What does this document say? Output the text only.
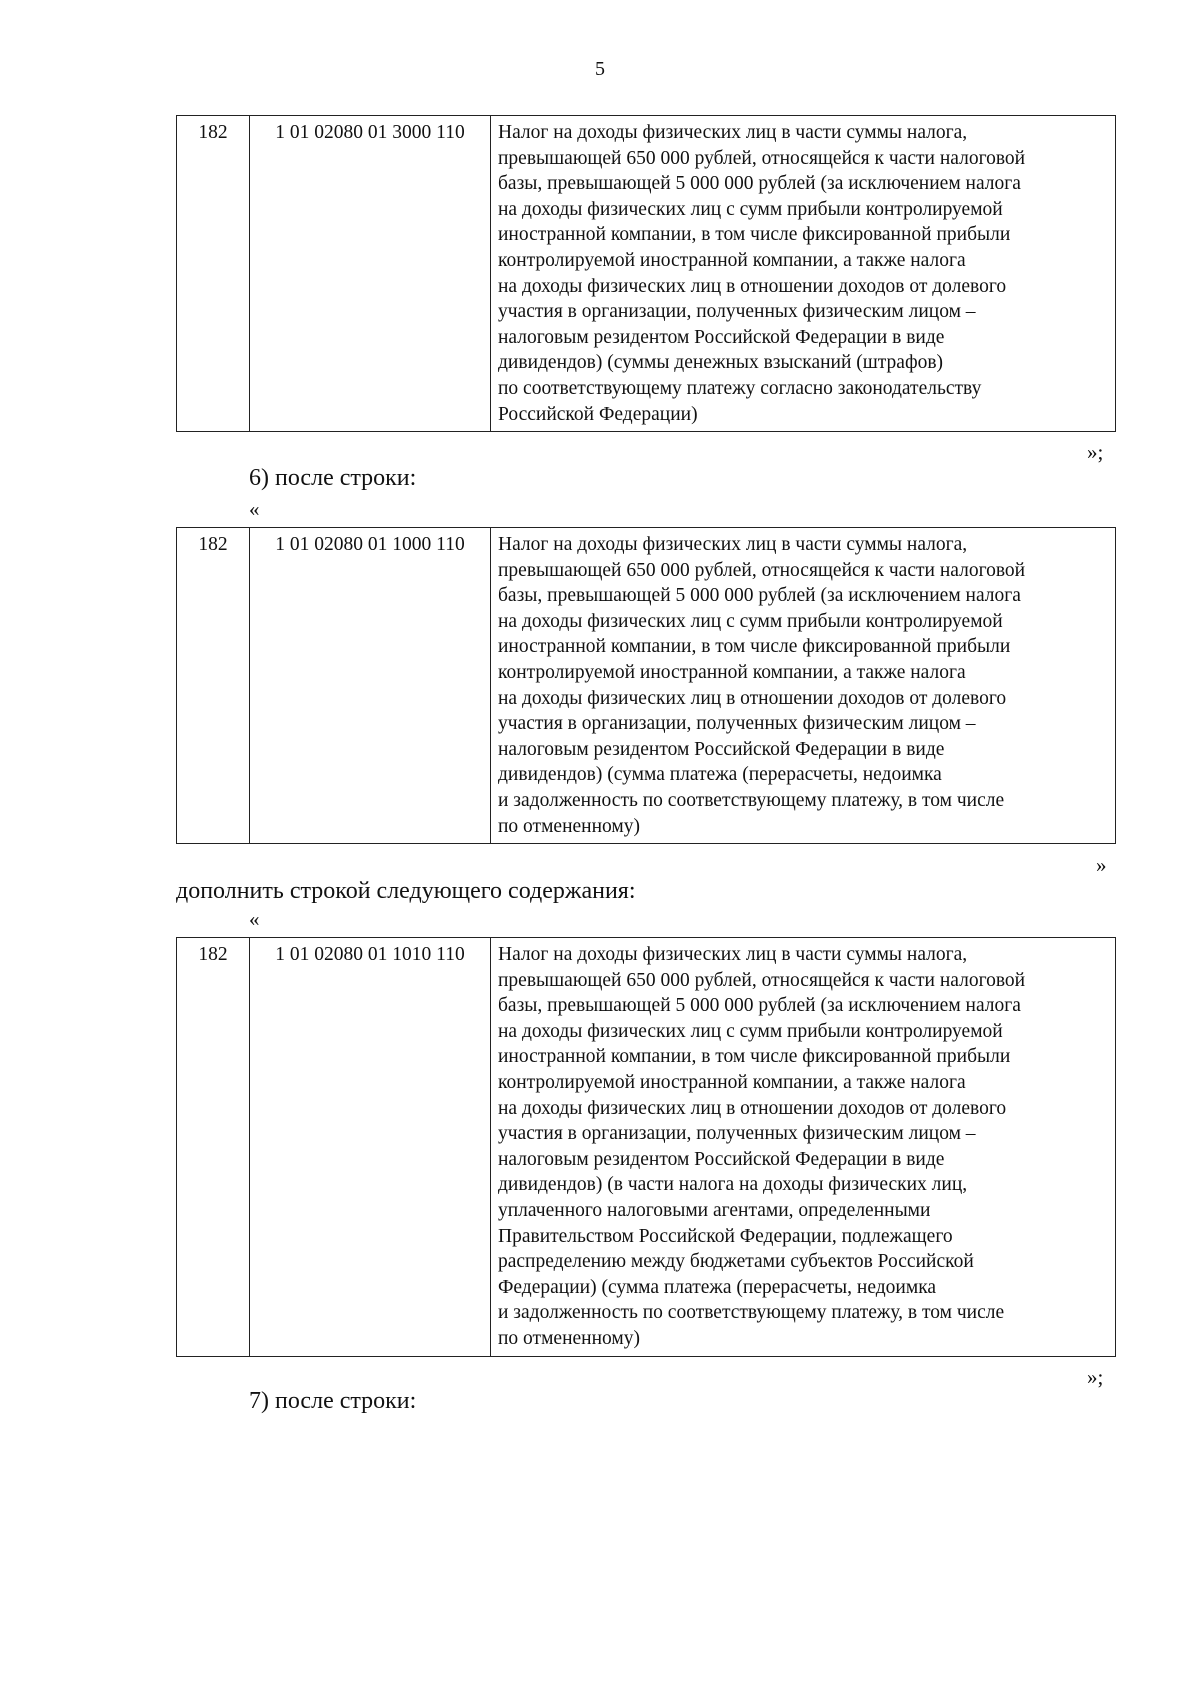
5
182	1 01 02080 01 3000 110	Налог на доходы физических лиц в части суммы налога,
превышающей 650 000 рублей, относящейся к части налоговой
базы, превышающей 5 000 000 рублей (за исключением налога
на доходы физических лиц с сумм прибыли контролируемой
иностранной компании, в том числе фиксированной прибыли
контролируемой иностранной компании, а также налога
на доходы физических лиц в отношении доходов от долевого
участия в организации, полученных физическим лицом –
налоговым резидентом Российской Федерации в виде
дивидендов) (суммы денежных взысканий (штрафов)
по соответствующему платежу согласно законодательству
Российской Федерации)
»;
6) после строки:
«
182	1 01 02080 01 1000 110	Налог на доходы физических лиц в части суммы налога,
превышающей 650 000 рублей, относящейся к части налоговой
базы, превышающей 5 000 000 рублей (за исключением налога
на доходы физических лиц с сумм прибыли контролируемой
иностранной компании, в том числе фиксированной прибыли
контролируемой иностранной компании, а также налога
на доходы физических лиц в отношении доходов от долевого
участия в организации, полученных физическим лицом –
налоговым резидентом Российской Федерации в виде
дивидендов) (сумма платежа (перерасчеты, недоимка
и задолженность по соответствующему платежу, в том числе
по отмененному)
»
дополнить строкой следующего содержания:
«
182	1 01 02080 01 1010 110	Налог на доходы физических лиц в части суммы налога,
превышающей 650 000 рублей, относящейся к части налоговой
базы, превышающей 5 000 000 рублей (за исключением налога
на доходы физических лиц с сумм прибыли контролируемой
иностранной компании, в том числе фиксированной прибыли
контролируемой иностранной компании, а также налога
на доходы физических лиц в отношении доходов от долевого
участия в организации, полученных физическим лицом –
налоговым резидентом Российской Федерации в виде
дивидендов) (в части налога на доходы физических лиц,
уплаченного налоговыми агентами, определенными
Правительством Российской Федерации, подлежащего
распределению между бюджетами субъектов Российской
Федерации) (сумма платежа (перерасчеты, недоимка
и задолженность по соответствующему платежу, в том числе
по отмененному)
»;
7) после строки:
